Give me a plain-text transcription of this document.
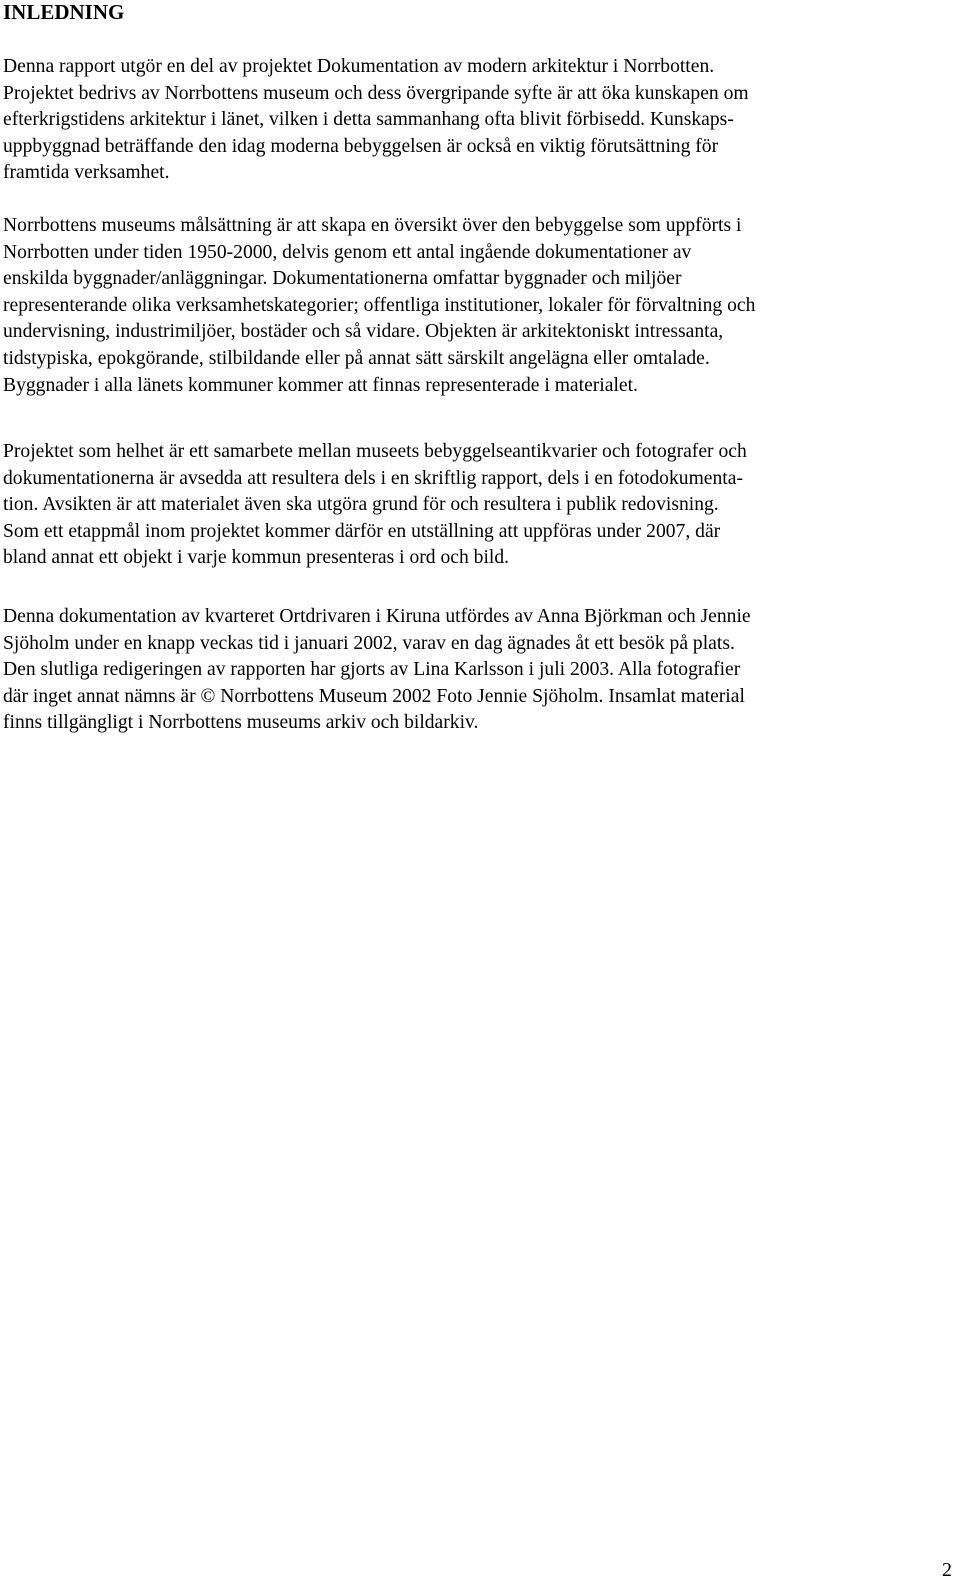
INLEDNING

Denna rapport utgör en del av projektet Dokumentation av modern arkitektur i Norrbotten.
Projektet bedrivs av Norrbottens museum och dess övergripande syfte är att öka kunskapen om
efterkrigstidens arkitektur i länet, vilken i detta sammanhang ofta blivit förbisedd. Kunskaps-
uppbyggnad beträffande den idag moderna bebyggelsen är också en viktig förutsättning för
framtida verksamhet.

Norrbottens museums målsättning är att skapa en översikt över den bebyggelse som uppförts i
Norrbotten under tiden 1950-2000, delvis genom ett antal ingående dokumentationer av
enskilda byggnader/anläggningar. Dokumentationerna omfattar byggnader och miljöer
representerande olika verksamhetskategorier; offentliga institutioner, lokaler för förvaltning och
undervisning, industrimiljöer, bostäder och så vidare. Objekten är arkitektoniskt intressanta,
tidstypiska, epokgörande, stilbildande eller på annat sätt särskilt angelägna eller omtalade.
Byggnader i alla länets kommuner kommer att finnas representerade i materialet.

Projektet som helhet är ett samarbete mellan museets bebyggelseantikvarier och fotografer och
dokumentationerna är avsedda att resultera dels i en skriftlig rapport, dels i en fotodokumenta-
tion. Avsikten är att materialet även ska utgöra grund för och resultera i publik redovisning.
Som ett etappmål inom projektet kommer därför en utställning att uppföras under 2007, där
bland annat ett objekt i varje kommun presenteras i ord och bild.

Denna dokumentation av kvarteret Ortdrivaren i Kiruna utfördes av Anna Björkman och Jennie
Sjöholm under en knapp veckas tid i januari 2002, varav en dag ägnades åt ett besök på plats.
Den slutliga redigeringen av rapporten har gjorts av Lina Karlsson i juli 2003. Alla fotografier
där inget annat nämns är © Norrbottens Museum 2002 Foto Jennie Sjöholm. Insamlat material
finns tillgängligt i Norrbottens museums arkiv och bildarkiv.

2
